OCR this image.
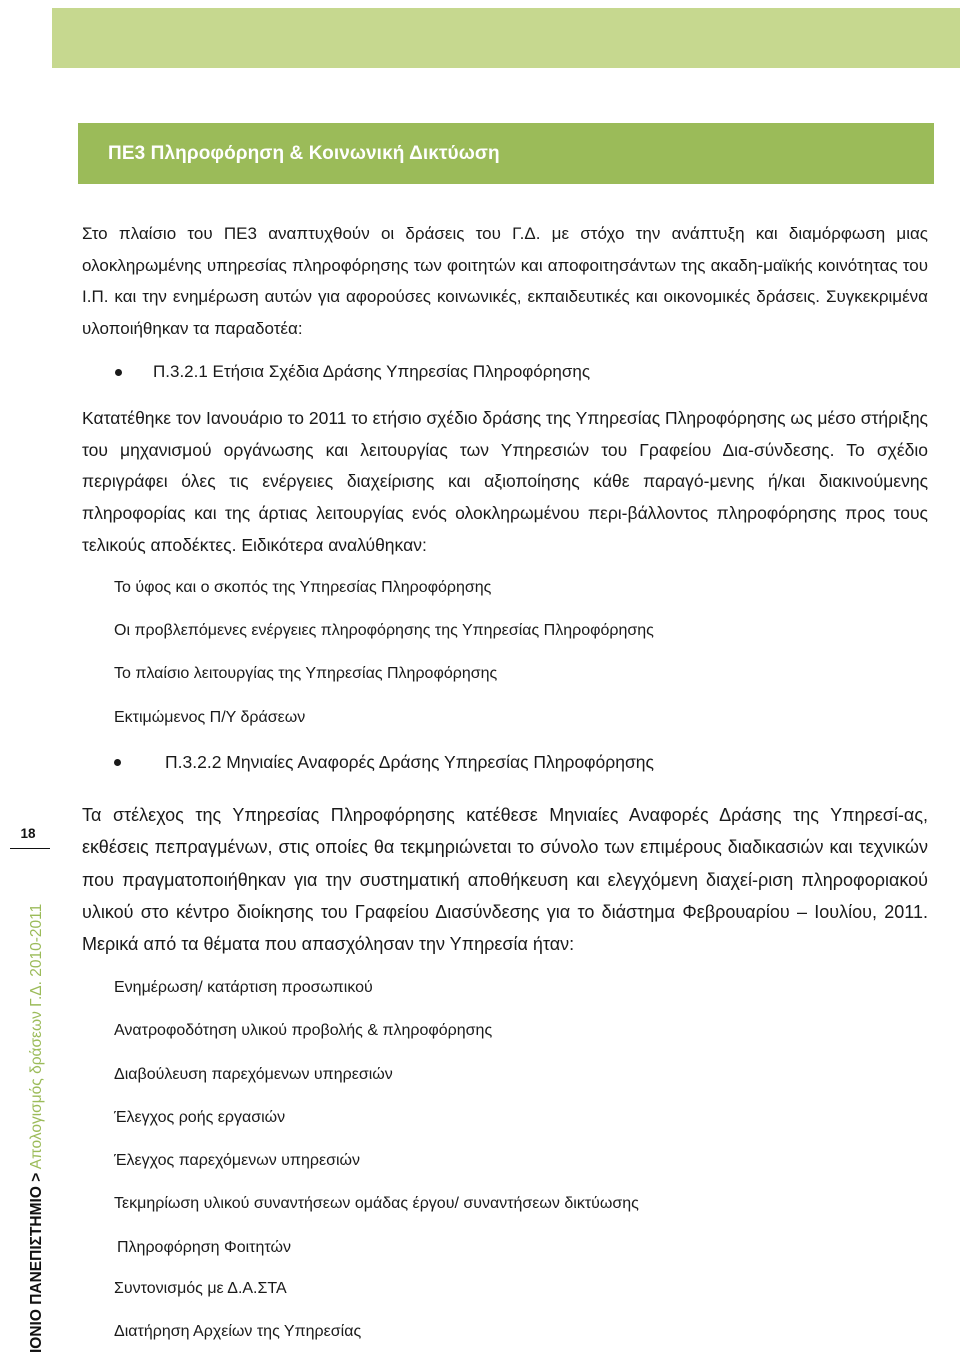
ΠΕ3 Πληροφόρηση & Κοινωνική Δικτύωση

Στο πλαίσιο του ΠΕ3 αναπτυχθούν οι δράσεις του Γ.Δ. με στόχο την ανάπτυξη και διαμόρφωση μιας ολοκληρωμένης υπηρεσίας πληροφόρησης των φοιτητών και αποφοιτησάντων της ακαδη-μαϊκής κοινότητας του Ι.Π. και την ενημέρωση αυτών για αφορούσες κοινωνικές, εκπαιδευτικές και οικονομικές δράσεις. Συγκεκριμένα υλοποιήθηκαν τα παραδοτέα:

Π.3.2.1 Ετήσια Σχέδια Δράσης Υπηρεσίας Πληροφόρησης

Κατατέθηκε τον Ιανουάριο το 2011 το ετήσιο σχέδιο δράσης της Υπηρεσίας Πληροφόρησης ως μέσο στήριξης του μηχανισμού οργάνωσης και λειτουργίας των Υπηρεσιών του Γραφείου Δια-σύνδεσης. Το σχέδιο περιγράφει όλες τις ενέργειες διαχείρισης και αξιοποίησης κάθε παραγό-μενης ή/και διακινούμενης πληροφορίας και της άρτιας λειτουργίας ενός ολοκληρωμένου περι-βάλλοντος πληροφόρησης προς τους τελικούς αποδέκτες. Ειδικότερα αναλύθηκαν:

Το ύφος και ο σκοπός της Υπηρεσίας Πληροφόρησης
Οι προβλεπόμενες ενέργειες πληροφόρησης της Υπηρεσίας Πληροφόρησης
Το πλαίσιο λειτουργίας της Υπηρεσίας Πληροφόρησης
Εκτιμώμενος Π/Υ δράσεων
Π.3.2.2 Μηνιαίες Αναφορές Δράσης Υπηρεσίας Πληροφόρησης

Τα στέλεχος της Υπηρεσίας Πληροφόρησης κατέθεσε Μηνιαίες Αναφορές Δράσης της Υπηρεσί-ας, εκθέσεις πεπραγμένων, στις οποίες θα τεκμηριώνεται το σύνολο των επιμέρους διαδικασιών και τεχνικών που πραγματοποιήθηκαν για την συστηματική αποθήκευση και ελεγχόμενη διαχεί-ριση πληροφοριακού υλικού στο κέντρο διοίκησης του Γραφείου Διασύνδεσης για το διάστημα Φεβρουαρίου – Ιουλίου, 2011. Μερικά από τα θέματα που απασχόλησαν την Υπηρεσία ήταν:

Ενημέρωση/ κατάρτιση προσωπικού
Ανατροφοδότηση υλικού προβολής & πληροφόρησης
Διαβούλευση παρεχόμενων υπηρεσιών
Έλεγχος ροής εργασιών
Έλεγχος παρεχόμενων υπηρεσιών
Τεκμηρίωση υλικού συναντήσεων ομάδας έργου/ συναντήσεων δικτύωσης
Πληροφόρηση Φοιτητών
Συντονισμός με Δ.Α.ΣΤΑ
Διατήρηση Αρχείων της Υπηρεσίας
18
ΙΟΝΙΟ ΠΑΝΕΠΙΣΤΗΜΙΟ > Απολογισμός δράσεων Γ.Δ. 2010-2011
